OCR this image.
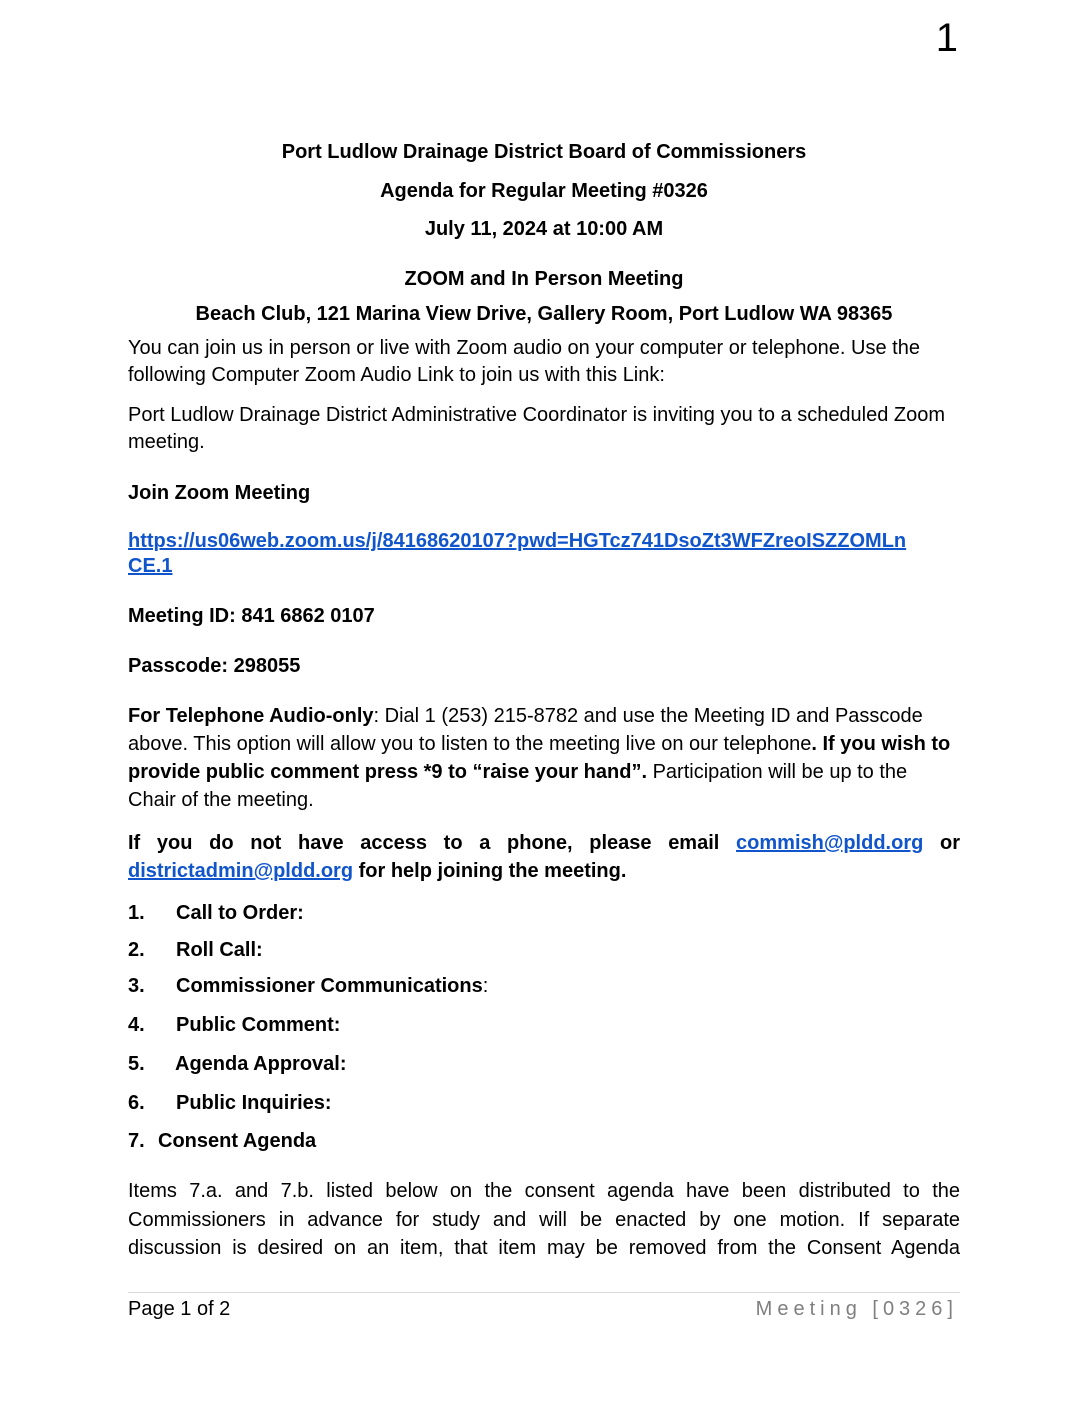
1
Port Ludlow Drainage District Board of Commissioners
Agenda for Regular Meeting #0326
July 11, 2024 at 10:00 AM
ZOOM and In Person Meeting
Beach Club, 121 Marina View Drive, Gallery Room, Port Ludlow WA 98365

You can join us in person or live with Zoom audio on your computer or telephone. Use the following Computer Zoom Audio Link to join us with this Link:

Port Ludlow Drainage District Administrative Coordinator is inviting you to a scheduled Zoom meeting.

Join Zoom Meeting
https://us06web.zoom.us/j/84168620107?pwd=HGTcz741DsoZt3WFZreoISZZOMLn
CE.1
Meeting ID: 841 6862 0107
Passcode: 298055

For Telephone Audio-only: Dial 1 (253) 215-8782 and use the Meeting ID and Passcode above. This option will allow you to listen to the meeting live on our telephone. If you wish to provide public comment press *9 to “raise your hand”. Participation will be up to the Chair of the meeting.

If you do not have access to a phone, please email commish@pldd.org or districtadmin@pldd.org for help joining the meeting.

1. Call to Order:
2. Roll Call:
3. Commissioner Communications:
4. Public Comment:
5. Agenda Approval:
6. Public Inquiries:
7. Consent Agenda
Items 7.a. and 7.b. listed below on the consent agenda have been distributed to the Commissioners in advance for study and will be enacted by one motion. If separate discussion is desired on an item, that item may be removed from the Consent Agenda
Page 1 of 2	Meeting [0326]
